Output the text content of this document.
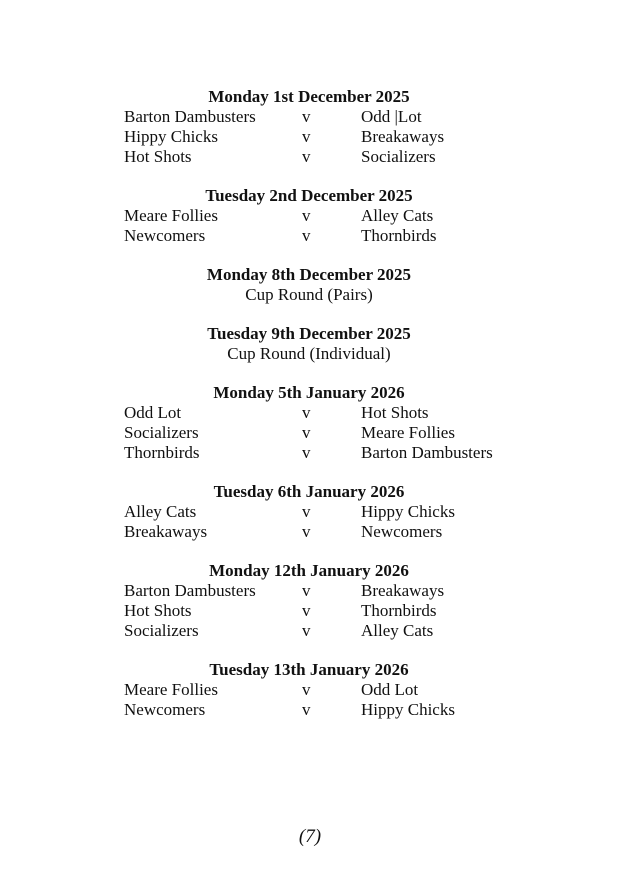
Monday 1st December 2025
Barton Dambusters	v	Odd |Lot
Hippy Chicks	v	Breakaways
Hot Shots	v	Socializers
Tuesday 2nd December 2025
Meare Follies	v	Alley Cats
Newcomers	v	Thornbirds
Monday 8th December 2025
Cup Round (Pairs)
Tuesday 9th December 2025
Cup Round (Individual)
Monday 5th January 2026
Odd Lot	v	Hot Shots
Socializers	v	Meare Follies
Thornbirds	v	Barton Dambusters
Tuesday 6th January 2026
Alley Cats	v	Hippy Chicks
Breakaways	v	Newcomers
Monday 12th January 2026
Barton Dambusters	v	Breakaways
Hot Shots	v	Thornbirds
Socializers	v	Alley Cats
Tuesday 13th January 2026
Meare Follies	v	Odd Lot
Newcomers	v	Hippy Chicks
(7)
